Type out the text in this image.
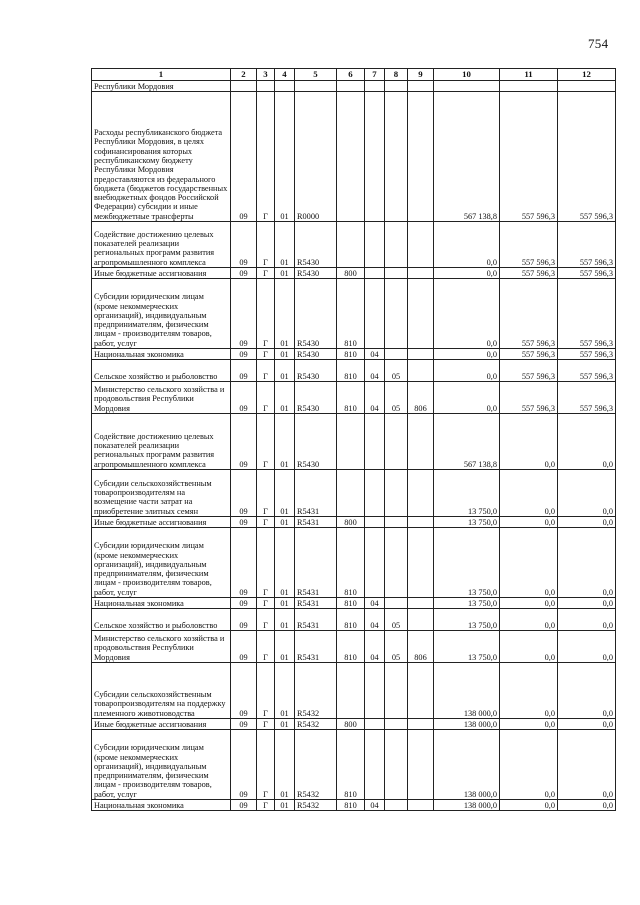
754
1	2	3	4	5	6	7	8	9	10	11	12
Республики Мордовия											
Расходы республиканского бюджета Республики Мордовия, в целях софинансирования которых республиканскому бюджету Республики Мордовия предоставляются из федерального бюджета (бюджетов государственных внебюджетных фондов Российской Федерации) субсидии и иные межбюджетные трансферты	09	Г	01	R0000					567 138,8	557 596,3	557 596,3
Содействие достижению целевых показателей реализации региональных программ развития агропромышленного комплекса	09	Г	01	R5430					0,0	557 596,3	557 596,3
Иные бюджетные ассигнования	09	Г	01	R5430	800				0,0	557 596,3	557 596,3
Субсидии юридическим лицам (кроме некоммерческих организаций), индивидуальным предпринимателям, физическим лицам - производителям товаров, работ, услуг	09	Г	01	R5430	810				0,0	557 596,3	557 596,3
Национальная экономика	09	Г	01	R5430	810	04			0,0	557 596,3	557 596,3
Сельское хозяйство и рыболовство	09	Г	01	R5430	810	04	05		0,0	557 596,3	557 596,3
Министерство сельского хозяйства и продовольствия Республики Мордовия	09	Г	01	R5430	810	04	05	806	0,0	557 596,3	557 596,3
Содействие достижению целевых показателей реализации региональных программ развития агропромышленного комплекса	09	Г	01	R5430					567 138,8	0,0	0,0
Субсидии сельскохозяйственным товаропроизводителям на возмещение части затрат на приобретение элитных семян	09	Г	01	R5431					13 750,0	0,0	0,0
Иные бюджетные ассигнования	09	Г	01	R5431	800				13 750,0	0,0	0,0
Субсидии юридическим лицам (кроме некоммерческих организаций), индивидуальным предпринимателям, физическим лицам - производителям товаров, работ, услуг	09	Г	01	R5431	810				13 750,0	0,0	0,0
Национальная экономика	09	Г	01	R5431	810	04			13 750,0	0,0	0,0
Сельское хозяйство и рыболовство	09	Г	01	R5431	810	04	05		13 750,0	0,0	0,0
Министерство сельского хозяйства и продовольствия Республики Мордовия	09	Г	01	R5431	810	04	05	806	13 750,0	0,0	0,0
Субсидии сельскохозяйственным товаропроизводителям на поддержку племенного животноводства	09	Г	01	R5432					138 000,0	0,0	0,0
Иные бюджетные ассигнования	09	Г	01	R5432	800				138 000,0	0,0	0,0
Субсидии юридическим лицам (кроме некоммерческих организаций), индивидуальным предпринимателям, физическим лицам - производителям товаров, работ, услуг	09	Г	01	R5432	810				138 000,0	0,0	0,0
Национальная экономика	09	Г	01	R5432	810	04			138 000,0	0,0	0,0
